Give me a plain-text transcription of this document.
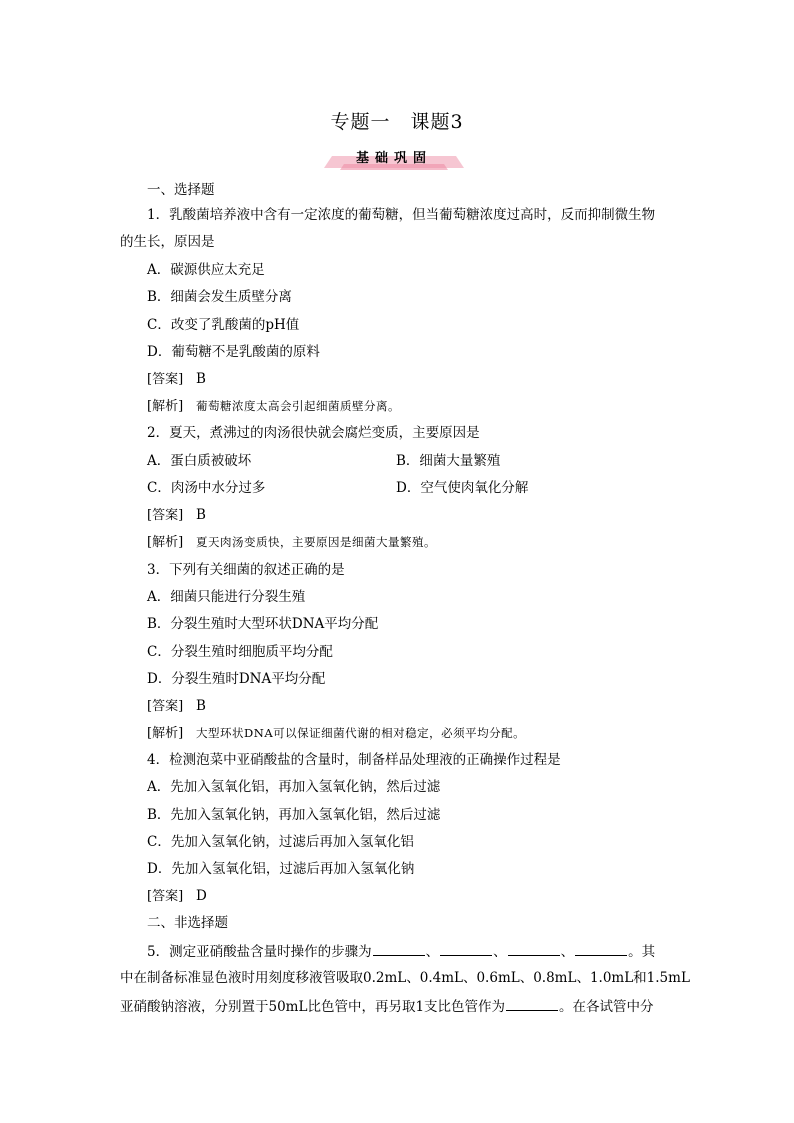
专题一　课题3
基础巩固
一、选择题
1．乳酸菌培养液中含有一定浓度的葡萄糖，但当葡萄糖浓度过高时，反而抑制微生物
的生长，原因是
A．碳源供应太充足
B．细菌会发生质壁分离
C．改变了乳酸菌的pH值
D．葡萄糖不是乳酸菌的原料
[答案] B
[解析] 葡萄糖浓度太高会引起细菌质壁分离。
2．夏天，煮沸过的肉汤很快就会腐烂变质，主要原因是
A．蛋白质被破坏	B．细菌大量繁殖
C．肉汤中水分过多	D．空气使肉氧化分解
[答案] B
[解析] 夏天肉汤变质快，主要原因是细菌大量繁殖。
3．下列有关细菌的叙述正确的是
A．细菌只能进行分裂生殖
B．分裂生殖时大型环状DNA平均分配
C．分裂生殖时细胞质平均分配
D．分裂生殖时DNA平均分配
[答案] B
[解析] 大型环状DNA可以保证细菌代谢的相对稳定，必须平均分配。
4．检测泡菜中亚硝酸盐的含量时，制备样品处理液的正确操作过程是
A．先加入氢氧化铝，再加入氢氧化钠，然后过滤
B．先加入氢氧化钠，再加入氢氧化铝，然后过滤
C．先加入氢氧化钠，过滤后再加入氢氧化铝
D．先加入氢氧化铝，过滤后再加入氢氧化钠
[答案] D
二、非选择题
5．测定亚硝酸盐含量时操作的步骤为	、	、	、	。其
中在制备标准显色液时用刻度移液管吸取0.2mL、0.4mL、0.6mL、0.8mL、1.0mL和1.5mL
亚硝酸钠溶液，分别置于50mL比色管中，再另取1支比色管作为	。在各试管中分
